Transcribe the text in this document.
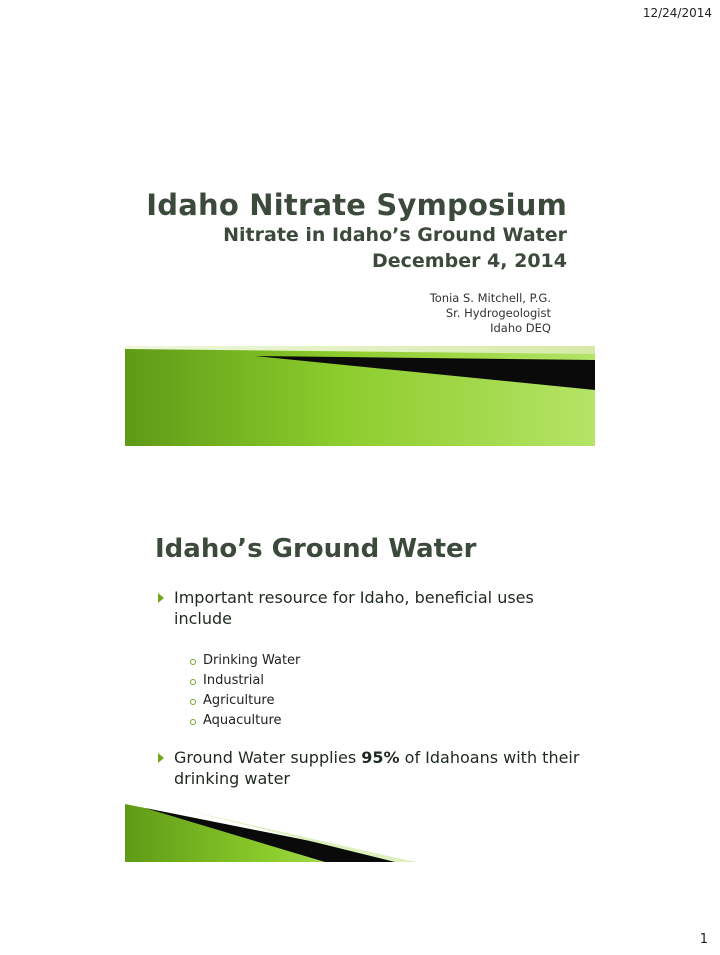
12/24/2014
Idaho Nitrate Symposium
Nitrate in Idaho’s Ground Water
December 4, 2014
Tonia S. Mitchell, P.G.
Sr. Hydrogeologist
Idaho DEQ
Idaho’s Ground Water
Important resource for Idaho, beneficial uses include
Drinking Water
Industrial
Agriculture
Aquaculture
Ground Water supplies 95% of Idahoans with their drinking water
1
